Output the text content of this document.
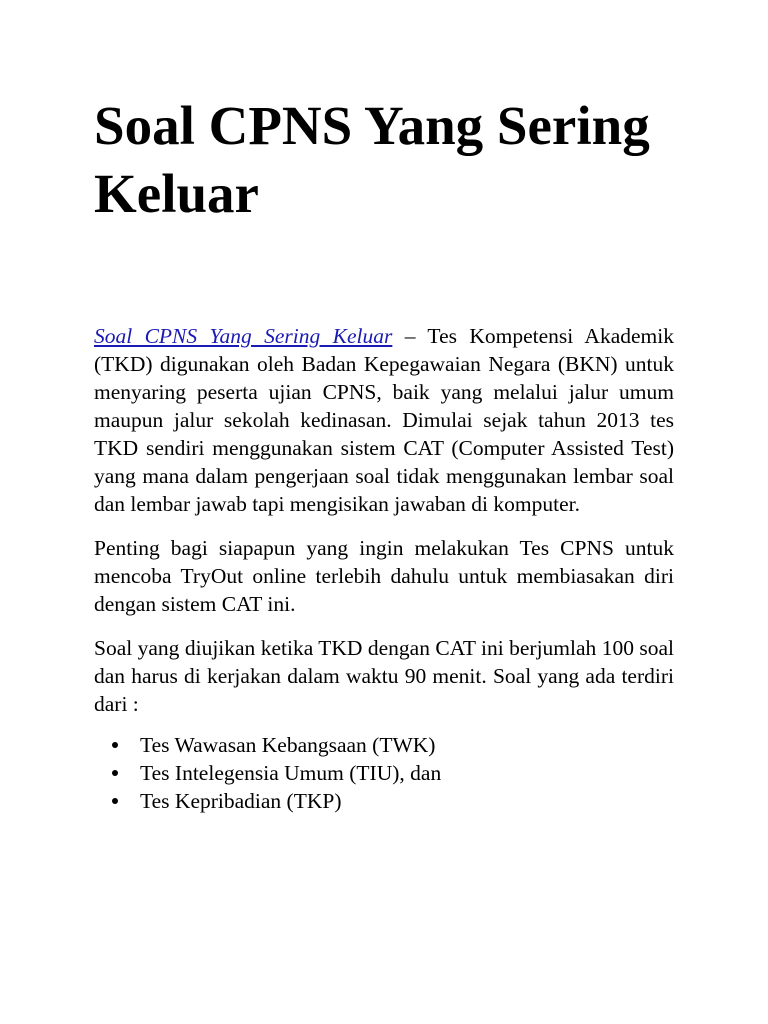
Soal CPNS Yang Sering Keluar

Soal CPNS Yang Sering Keluar – Tes Kompetensi Akademik (TKD) digunakan oleh Badan Kepegawaian Negara (BKN) untuk menyaring peserta ujian CPNS, baik yang melalui jalur umum maupun jalur sekolah kedinasan. Dimulai sejak tahun 2013 tes TKD sendiri menggunakan sistem CAT (Computer Assisted Test) yang mana dalam pengerjaan soal tidak menggunakan lembar soal dan lembar jawab tapi mengisikan jawaban di komputer.

Penting bagi siapapun yang ingin melakukan Tes CPNS untuk mencoba TryOut online terlebih dahulu untuk membiasakan diri dengan sistem CAT ini.

Soal yang diujikan ketika TKD dengan CAT ini berjumlah 100 soal dan harus di kerjakan dalam waktu 90 menit. Soal yang ada terdiri dari :

Tes Wawasan Kebangsaan (TWK)
Tes Intelegensia Umum (TIU), dan
Tes Kepribadian (TKP)
